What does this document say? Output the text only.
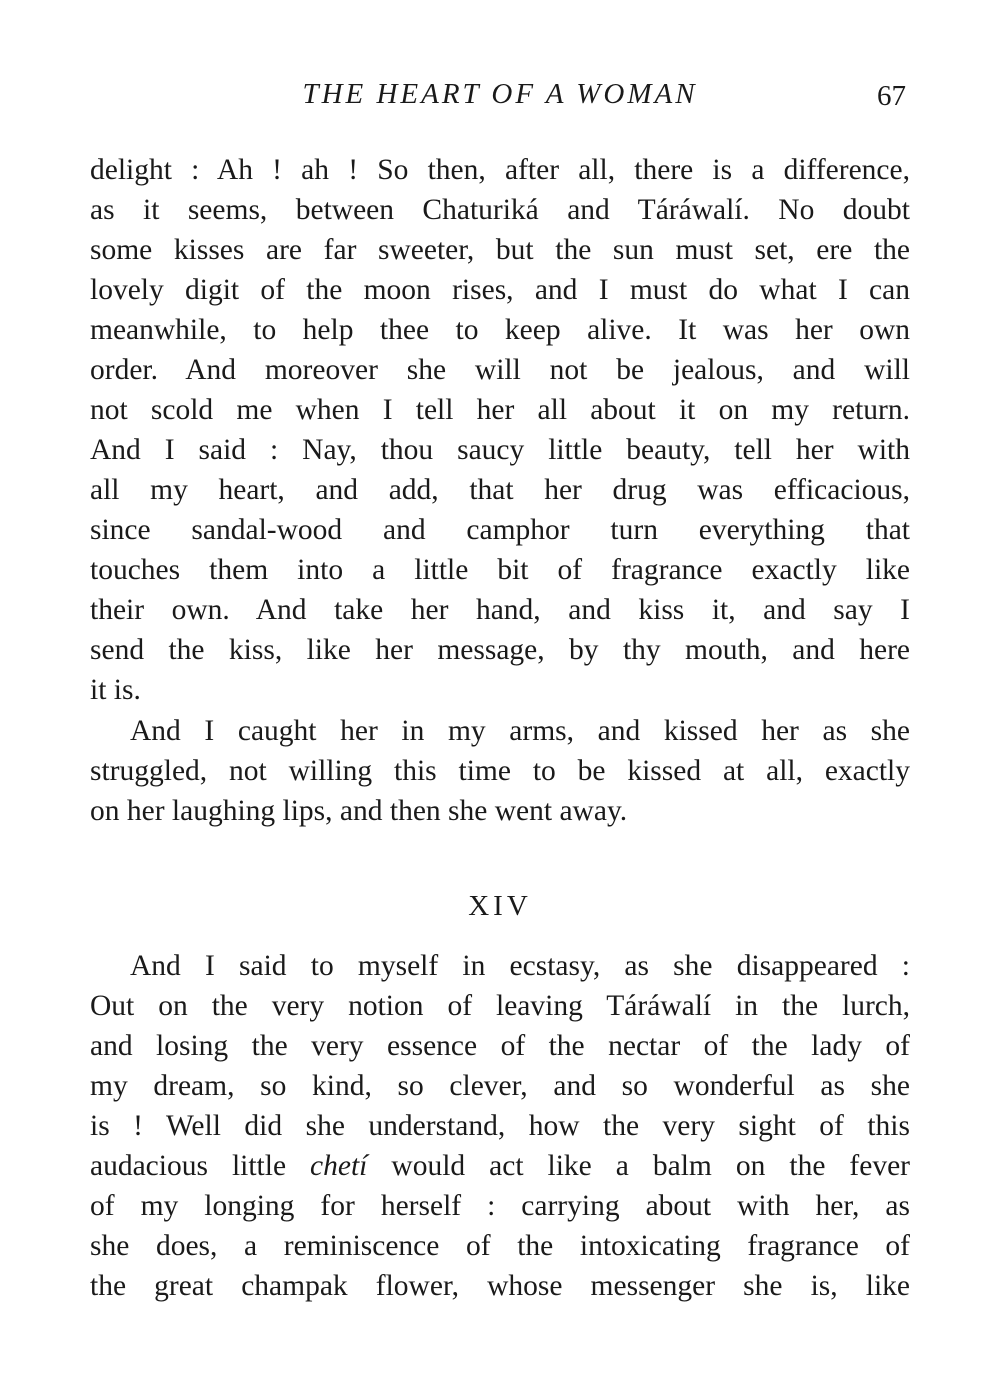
THE HEART OF A WOMAN	67
delight : Ah ! ah ! So then, after all, there is a difference,
as it seems, between Chaturiká and Táráwalí. No doubt
some kisses are far sweeter, but the sun must set, ere the
lovely digit of the moon rises, and I must do what I can
meanwhile, to help thee to keep alive. It was her own
order. And moreover she will not be jealous, and will
not scold me when I tell her all about it on my return.
And I said : Nay, thou saucy little beauty, tell her with
all my heart, and add, that her drug was efficacious,
since sandal-wood and camphor turn everything that
touches them into a little bit of fragrance exactly like
their own. And take her hand, and kiss it, and say I
send the kiss, like her message, by thy mouth, and here
it is.
And I caught her in my arms, and kissed her as she
struggled, not willing this time to be kissed at all, exactly
on her laughing lips, and then she went away.
XIV
And I said to myself in ecstasy, as she disappeared :
Out on the very notion of leaving Táráwalí in the lurch,
and losing the very essence of the nectar of the lady of
my dream, so kind, so clever, and so wonderful as she
is ! Well did she understand, how the very sight of this
audacious little chetí would act like a balm on the fever
of my longing for herself : carrying about with her, as
she does, a reminiscence of the intoxicating fragrance of
the great champak flower, whose messenger she is, like
